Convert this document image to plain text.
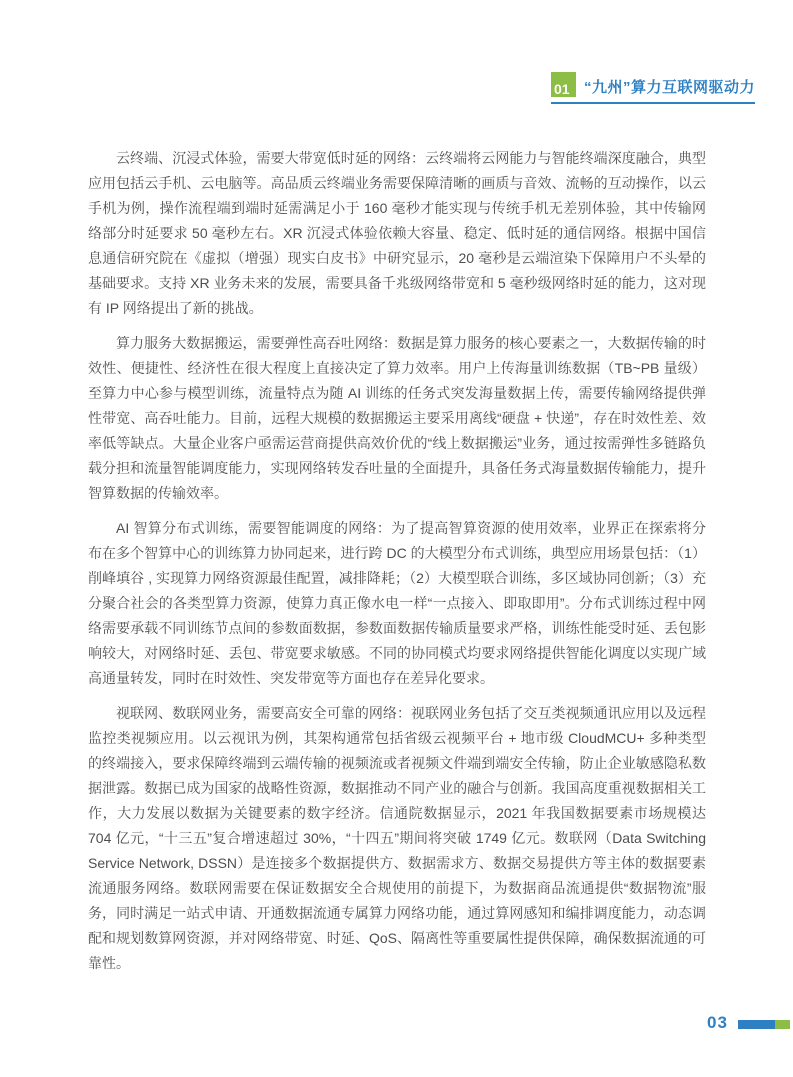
01 “九州”算力互联网驱动力

云终端、沉浸式体验，需要大带宽低时延的网络：云终端将云网能力与智能终端深度融合，典型应用包括云手机、云电脑等。高品质云终端业务需要保障清晰的画质与音效、流畅的互动操作，以云手机为例，操作流程端到端时延需满足小于 160 毫秒才能实现与传统手机无差别体验，其中传输网络部分时延要求 50 毫秒左右。XR 沉浸式体验依赖大容量、稳定、低时延的通信网络。根据中国信息通信研究院在《虚拟（增强）现实白皮书》中研究显示，20 毫秒是云端渲染下保障用户不头晕的基础要求。支持 XR 业务未来的发展，需要具备千兆级网络带宽和 5 毫秒级网络时延的能力，这对现有 IP 网络提出了新的挑战。

算力服务大数据搬运，需要弹性高吞吐网络：数据是算力服务的核心要素之一，大数据传输的时效性、便捷性、经济性在很大程度上直接决定了算力效率。用户上传海量训练数据（TB~PB 量级）至算力中心参与模型训练，流量特点为随 AI 训练的任务式突发海量数据上传，需要传输网络提供弹性带宽、高吞吐能力。目前，远程大规模的数据搬运主要采用离线“硬盘 + 快递”，存在时效性差、效率低等缺点。大量企业客户亟需运营商提供高效价优的“线上数据搬运”业务，通过按需弹性多链路负载分担和流量智能调度能力，实现网络转发吞吐量的全面提升，具备任务式海量数据传输能力，提升智算数据的传输效率。

AI 智算分布式训练，需要智能调度的网络：为了提高智算资源的使用效率，业界正在探索将分布在多个智算中心的训练算力协同起来，进行跨 DC 的大模型分布式训练，典型应用场景包括：（1）削峰填谷 , 实现算力网络资源最佳配置，减排降耗；（2）大模型联合训练，多区域协同创新；（3）充分聚合社会的各类型算力资源，使算力真正像水电一样“一点接入、即取即用”。分布式训练过程中网络需要承载不同训练节点间的参数面数据，参数面数据传输质量要求严格，训练性能受时延、丢包影响较大，对网络时延、丢包、带宽要求敏感。不同的协同模式均要求网络提供智能化调度以实现广域高通量转发，同时在时效性、突发带宽等方面也存在差异化要求。

视联网、数联网业务，需要高安全可靠的网络：视联网业务包括了交互类视频通讯应用以及远程监控类视频应用。以云视讯为例，其架构通常包括省级云视频平台 + 地市级 CloudMCU+ 多种类型的终端接入，要求保障终端到云端传输的视频流或者视频文件端到端安全传输，防止企业敏感隐私数据泄露。数据已成为国家的战略性资源，数据推动不同产业的融合与创新。我国高度重视数据相关工作，大力发展以数据为关键要素的数字经济。信通院数据显示，2021 年我国数据要素市场规模达 704 亿元，“十三五”复合增速超过 30%，“十四五”期间将突破 1749 亿元。数联网（Data Switching Service Network, DSSN）是连接多个数据提供方、数据需求方、数据交易提供方等主体的数据要素流通服务网络。数联网需要在保证数据安全合规使用的前提下，为数据商品流通提供“数据物流”服务，同时满足一站式申请、开通数据流通专属算力网络功能，通过算网感知和编排调度能力，动态调配和规划数算网资源，并对网络带宽、时延、QoS、隔离性等重要属性提供保障，确保数据流通的可靠性。

03
